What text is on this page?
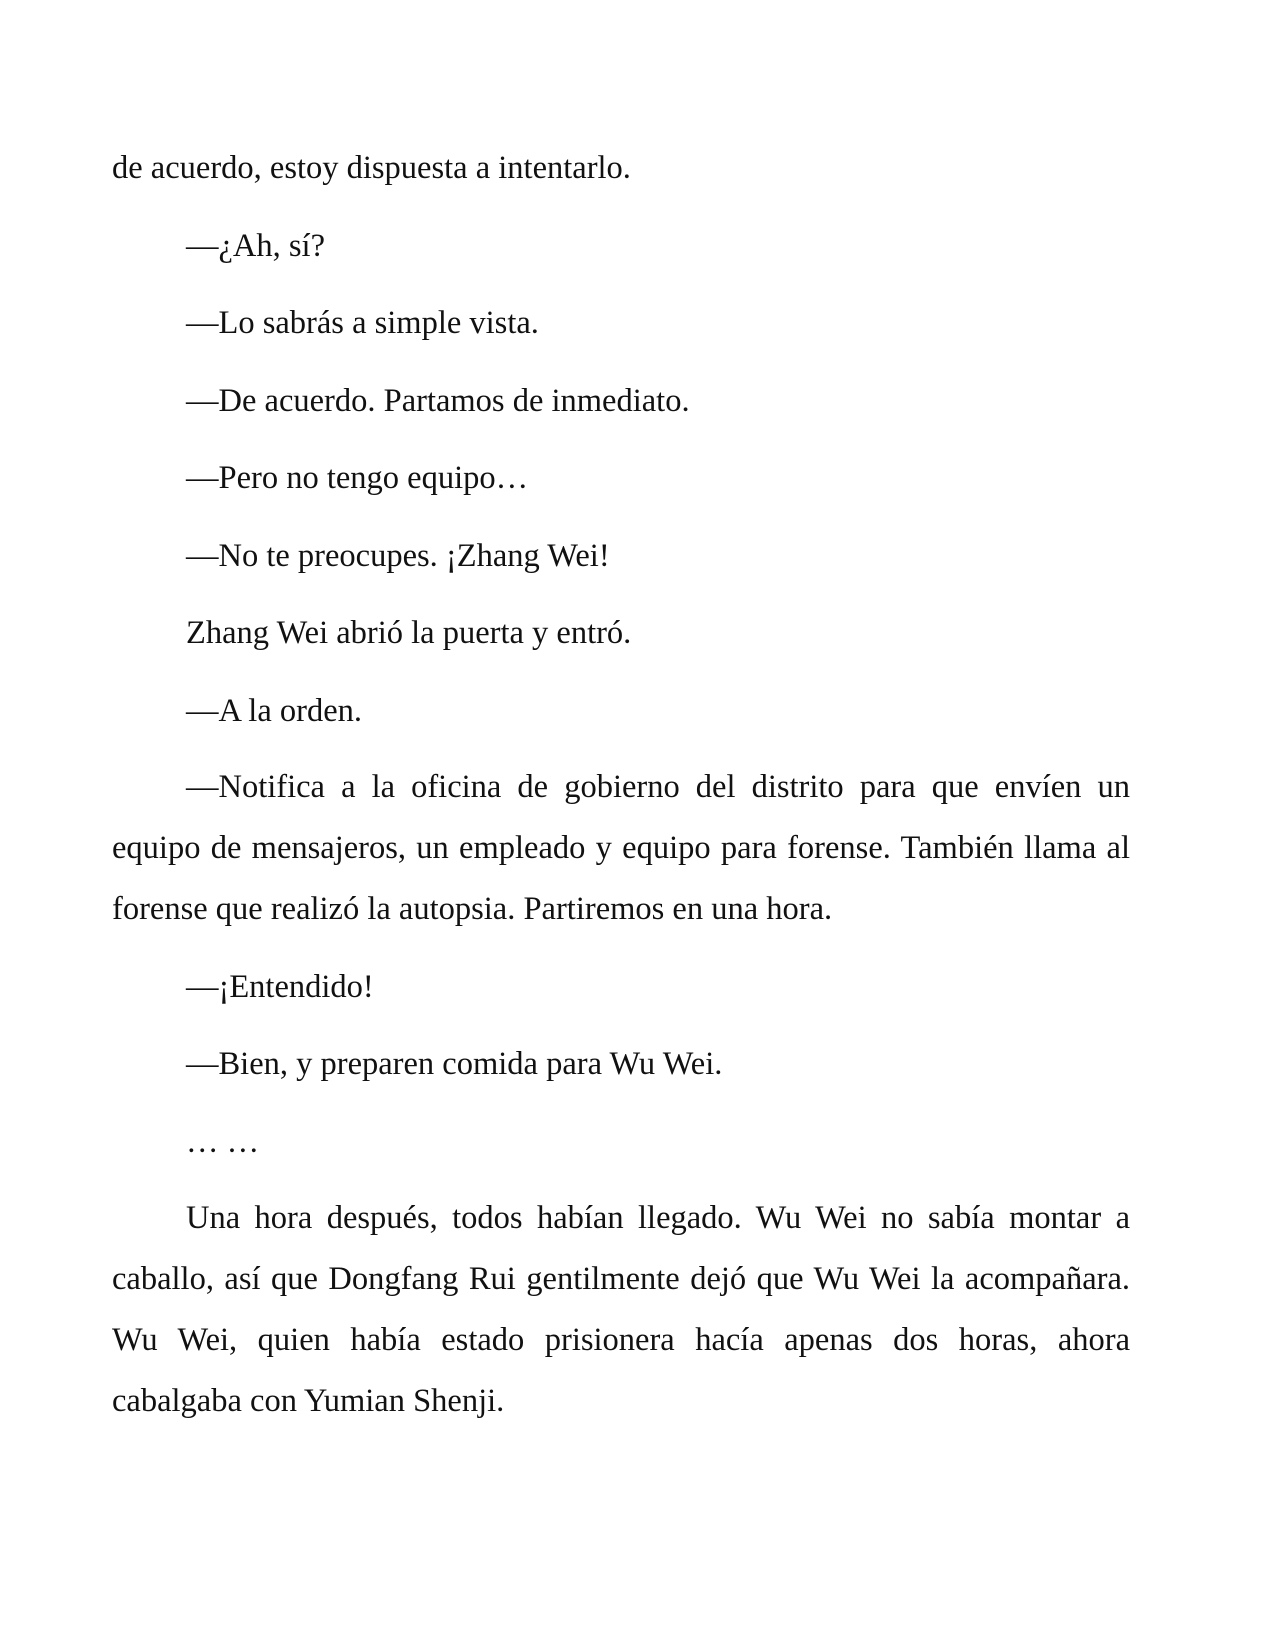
de acuerdo, estoy dispuesta a intentarlo.

—¿Ah, sí?

—Lo sabrás a simple vista.

—De acuerdo. Partamos de inmediato.

—Pero no tengo equipo…

—No te preocupes. ¡Zhang Wei!

Zhang Wei abrió la puerta y entró.

—A la orden.

—Notifica a la oficina de gobierno del distrito para que envíen un equipo de mensajeros, un empleado y equipo para forense. También llama al forense que realizó la autopsia. Partiremos en una hora.

—¡Entendido!

—Bien, y preparen comida para Wu Wei.

… …

Una hora después, todos habían llegado. Wu Wei no sabía montar a caballo, así que Dongfang Rui gentilmente dejó que Wu Wei la acompañara. Wu Wei, quien había estado prisionera hacía apenas dos horas, ahora cabalgaba con Yumian Shenji.
